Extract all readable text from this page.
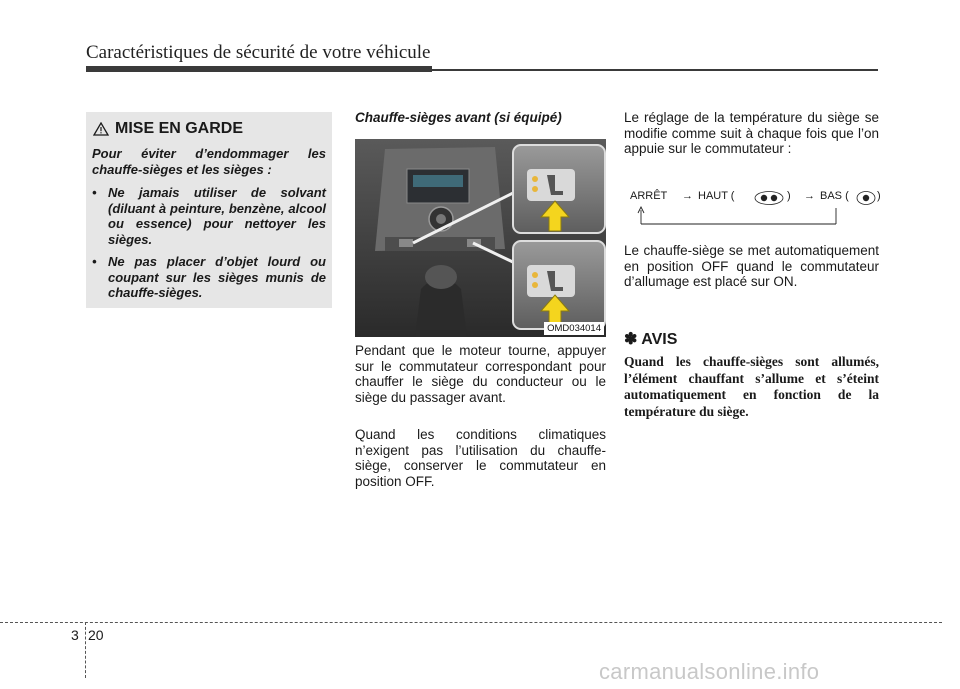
Caractéristiques de sécurité de votre véhicule
MISE EN GARDE
Pour éviter d’endommager les chauffe-sièges et les sièges :
• Ne jamais utiliser de solvant (diluant à peinture, benzène, alcool ou essence) pour nettoyer les sièges.
• Ne pas placer d’objet lourd ou coupant sur les sièges munis de chauffe-sièges.
Chauffe-sièges avant (si équipé)
OMD034014

Pendant que le moteur tourne, appuyer sur le commutateur correspondant pour chauffer le siège du conducteur ou le siège du passager avant.

Quand les conditions climatiques n’exigent pas l’utilisation du chauffe-siège, conserver le commutateur en position OFF.

Le réglage de la température du siège se modifie comme suit à chaque fois que l’on appuie sur le commutateur :

ARRÊT → HAUT (	) → BAS (	)

Le chauffe-siège se met automatiquement en position OFF quand le commutateur d’allumage est placé sur ON.

✽ AVIS

Quand les chauffe-sièges sont allumés, l’élément chauffant s’allume et s’éteint automatiquement en fonction de la température du siège.

3 20
carmanualsonline.info
